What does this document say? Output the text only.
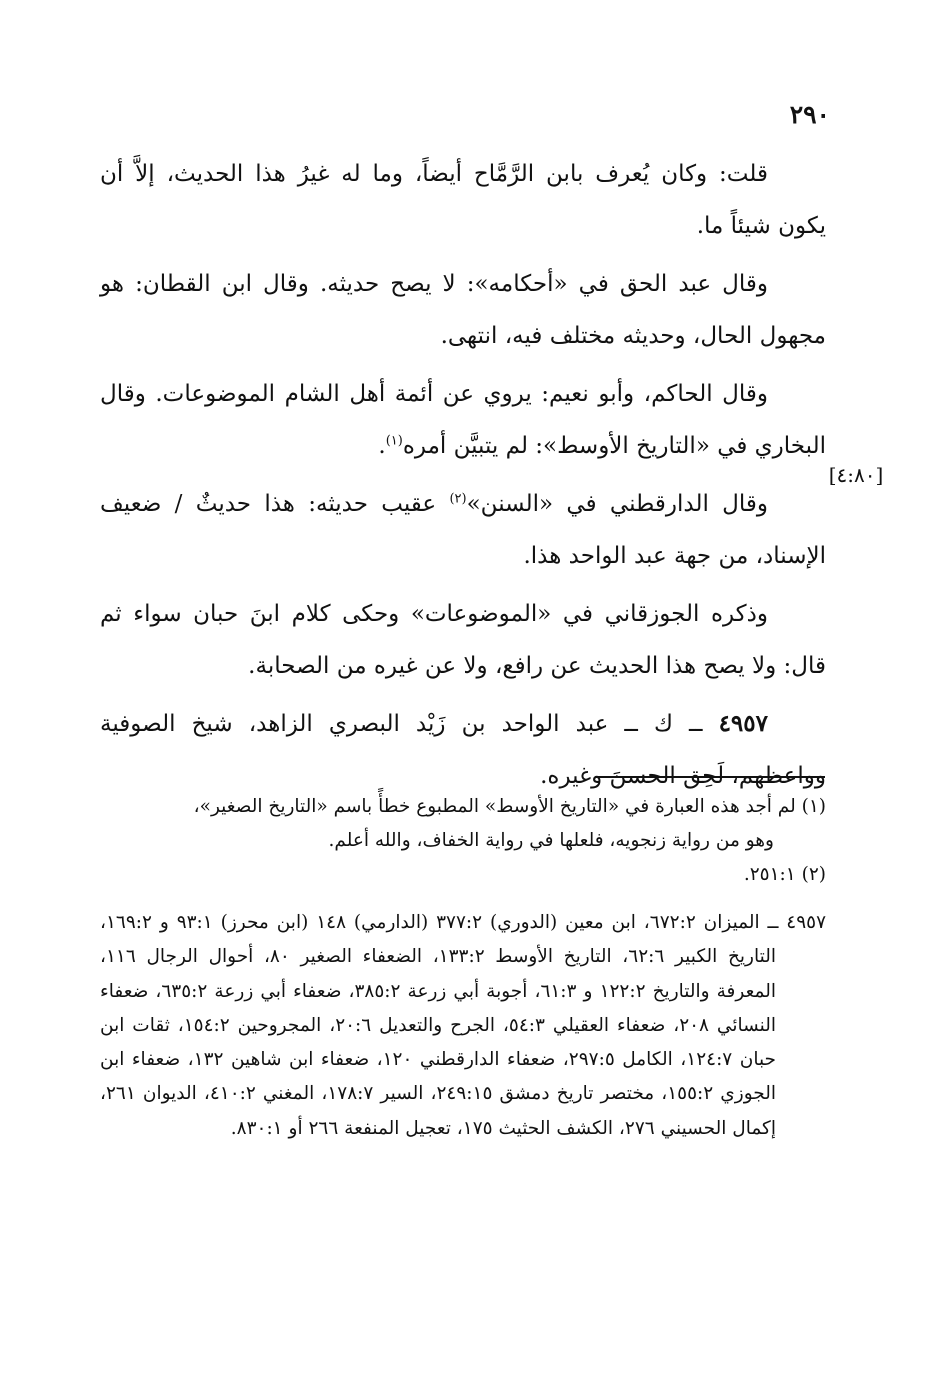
٢٩٠
[٤:٨٠]

قلت: وكان يُعرف بابن الرَّمَّاح أيضاً، وما له غيرُ هذا الحديث، إلاَّ أن يكون شيئاً ما.

وقال عبد الحق في «أحكامه»: لا يصح حديثه. وقال ابن القطان: هو مجهول الحال، وحديثه مختلف فيه، انتهى.

وقال الحاكم، وأبو نعيم: يروي عن أئمة أهل الشام الموضوعات. وقال البخاري في «التاريخ الأوسط»: لم يتبيَّن أمره$^{(١)}$.

وقال الدارقطني في «السنن»$^{(٢)}$ عقيب حديثه: هذا حديثٌ / ضعيف الإسناد، من جهة عبد الواحد هذا.

وذكره الجوزقاني في «الموضوعات» وحكى كلام ابنَ حبان سواء ثم قال: ولا يصح هذا الحديث عن رافع، ولا عن غيره من الصحابة.

٤٩٥٧ ــ ك ــ عبد الواحد بن زَيْد البصري الزاهد، شيخ الصوفية وواعظهم، لَحِق الحسنَ وغيره.

(١) لم أجد هذه العبارة في «التاريخ الأوسط» المطبوع خطأً باسم «التاريخ الصغير»،

وهو من رواية زنجويه، فلعلها في رواية الخفاف، والله أعلم.

(٢) ٢٥١:١.

٤٩٥٧ ــ الميزان ٦٧٢:٢، ابن معين (الدوري) ٣٧٧:٢ (الدارمي) ١٤٨ (ابن محرز) ٩٣:١ و ١٦٩:٢، التاريخ الكبير ٦٢:٦، التاريخ الأوسط ١٣٣:٢، الضعفاء الصغير ٨٠، أحوال الرجال ١١٦، المعرفة والتاريخ ١٢٢:٢ و ٦١:٣، أجوبة أبي زرعة ٣٨٥:٢، ضعفاء أبي زرعة ٦٣٥:٢، ضعفاء النسائي ٢٠٨، ضعفاء العقيلي ٥٤:٣، الجرح والتعديل ٢٠:٦، المجروحين ١٥٤:٢، ثقات ابن حبان ١٢٤:٧، الكامل ٢٩٧:٥، ضعفاء الدارقطني ١٢٠، ضعفاء ابن شاهين ١٣٢، ضعفاء ابن الجوزي ١٥٥:٢، مختصر تاريخ دمشق ٢٤٩:١٥، السير ١٧٨:٧، المغني ٤١٠:٢، الديوان ٢٦١، إكمال الحسيني ٢٧٦، الكشف الحثيث ١٧٥، تعجيل المنفعة ٢٦٦ أو ٨٣٠:١.
